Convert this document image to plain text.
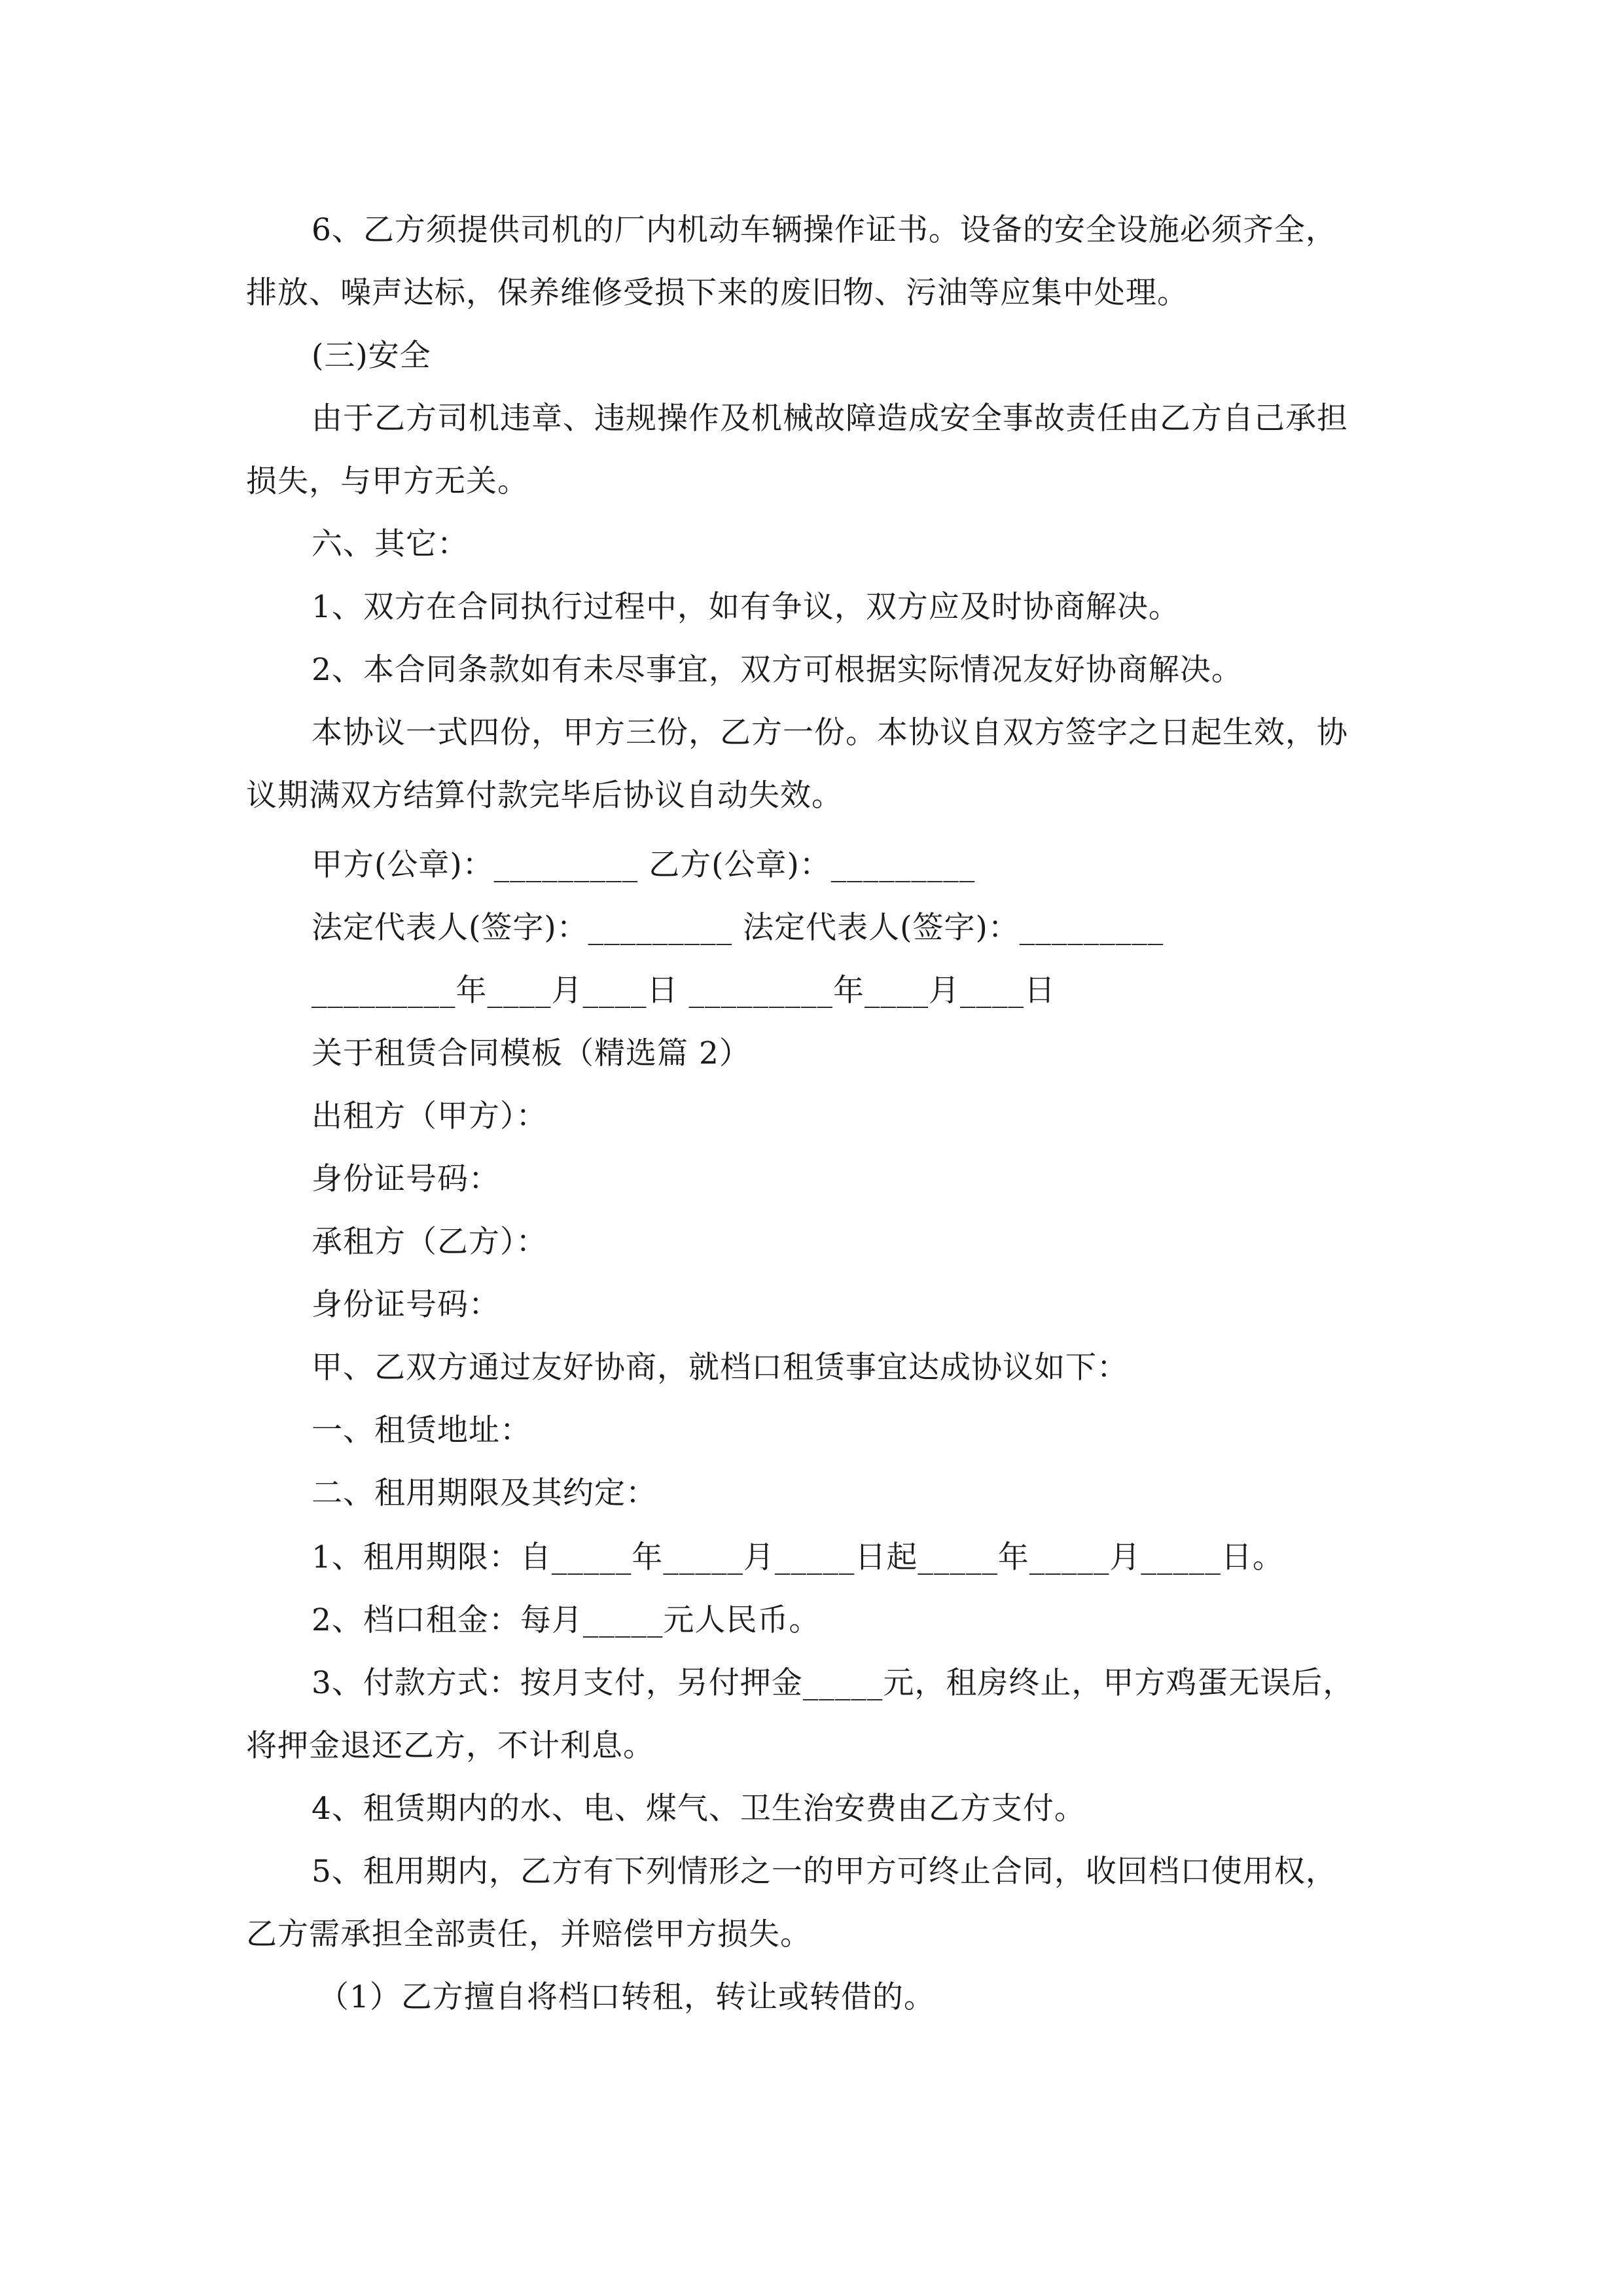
6、乙方须提供司机的厂内机动车辆操作证书。设备的安全设施必须齐全，
排放、噪声达标，保养维修受损下来的废旧物、污油等应集中处理。
(三)安全
由于乙方司机违章、违规操作及机械故障造成安全事故责任由乙方自己承担
损失，与甲方无关。
六、其它：
1、双方在合同执行过程中，如有争议，双方应及时协商解决。
2、本合同条款如有未尽事宜，双方可根据实际情况友好协商解决。
本协议一式四份，甲方三份，乙方一份。本协议自双方签字之日起生效，协
议期满双方结算付款完毕后协议自动失效。
甲方(公章)：_________ 乙方(公章)：_________
法定代表人(签字)：_________ 法定代表人(签字)：_________
_________年____月____日 _________年____月____日
关于租赁合同模板（精选篇 2）
出租方（甲方）：
身份证号码：
承租方（乙方）：
身份证号码：
甲、乙双方通过友好协商，就档口租赁事宜达成协议如下：
一、租赁地址：
二、租用期限及其约定：
1、租用期限：自_____年_____月_____日起_____年_____月_____日。
2、档口租金：每月_____元人民币。
3、付款方式：按月支付，另付押金_____元，租房终止，甲方鸡蛋无误后，
将押金退还乙方，不计利息。
4、租赁期内的水、电、煤气、卫生治安费由乙方支付。
5、租用期内，乙方有下列情形之一的甲方可终止合同，收回档口使用权，
乙方需承担全部责任，并赔偿甲方损失。
（1）乙方擅自将档口转租，转让或转借的。
